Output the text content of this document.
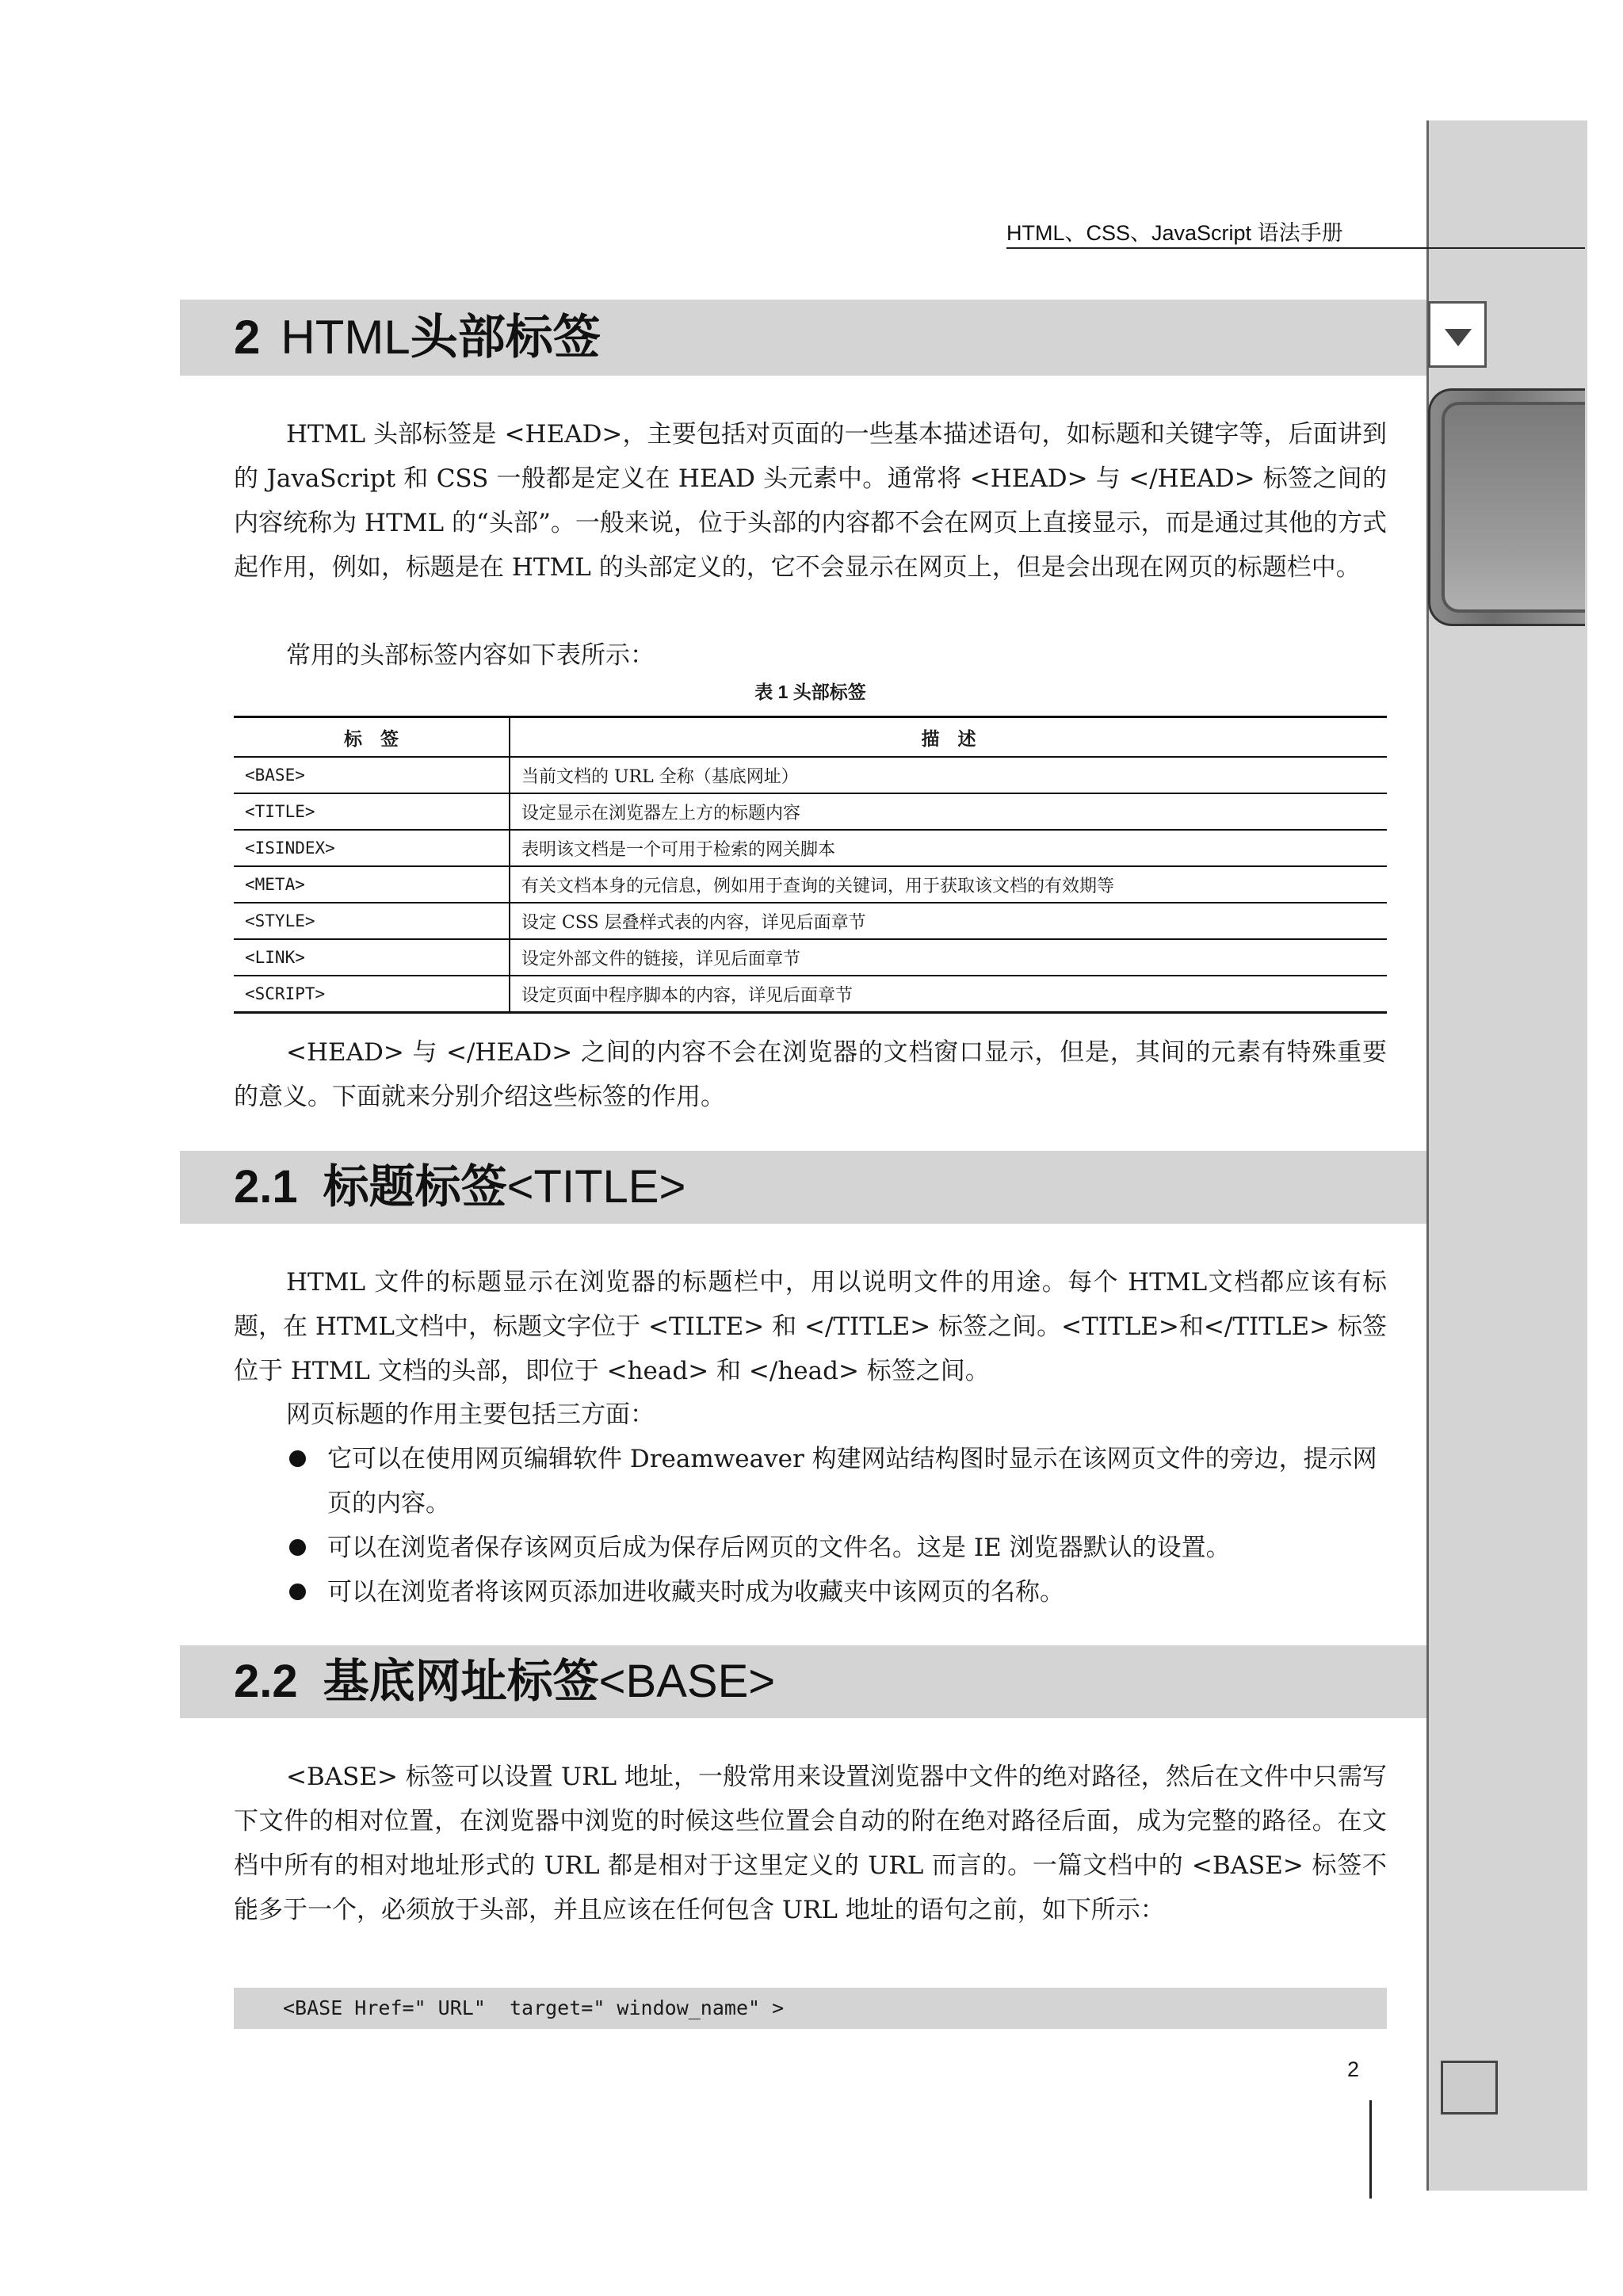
HTML、CSS、JavaScript 语法手册
2 HTML头部标签

HTML 头部标签是 <HEAD>，主要包括对页面的一些基本描述语句，如标题和关键字等，后面讲到的 JavaScript 和 CSS 一般都是定义在 HEAD 头元素中。通常将 <HEAD> 与 </HEAD> 标签之间的内容统称为 HTML 的“头部”。一般来说，位于头部的内容都不会在网页上直接显示，而是通过其他的方式起作用，例如，标题是在 HTML 的头部定义的，它不会显示在网页上，但是会出现在网页的标题栏中。

常用的头部标签内容如下表所示：

表 1 头部标签
标　签	描　述
<BASE>	当前文档的 URL 全称（基底网址）
<TITLE>	设定显示在浏览器左上方的标题内容
<ISINDEX>	表明该文档是一个可用于检索的网关脚本
<META>	有关文档本身的元信息，例如用于查询的关键词，用于获取该文档的有效期等
<STYLE>	设定 CSS 层叠样式表的内容，详见后面章节
<LINK>	设定外部文件的链接，详见后面章节
<SCRIPT>	设定页面中程序脚本的内容，详见后面章节

<HEAD> 与 </HEAD> 之间的内容不会在浏览器的文档窗口显示，但是，其间的元素有特殊重要的意义。下面就来分别介绍这些标签的作用。

2.1 标题标签<TITLE>

HTML 文件的标题显示在浏览器的标题栏中，用以说明文件的用途。每个 HTML文档都应该有标题，在 HTML文档中，标题文字位于 <TILTE> 和 </TITLE> 标签之间。<TITLE>和</TITLE> 标签位于 HTML 文档的头部，即位于 <head> 和 </head> 标签之间。

网页标题的作用主要包括三方面：

它可以在使用网页编辑软件 Dreamweaver 构建网站结构图时显示在该网页文件的旁边，提示网页的内容。

可以在浏览者保存该网页后成为保存后网页的文件名。这是 IE 浏览器默认的设置。

可以在浏览者将该网页添加进收藏夹时成为收藏夹中该网页的名称。

2.2 基底网址标签<BASE>

<BASE> 标签可以设置 URL 地址，一般常用来设置浏览器中文件的绝对路径，然后在文件中只需写下文件的相对位置，在浏览器中浏览的时候这些位置会自动的附在绝对路径后面，成为完整的路径。在文档中所有的相对地址形式的 URL 都是相对于这里定义的 URL 而言的。一篇文档中的 <BASE> 标签不能多于一个，必须放于头部，并且应该在任何包含 URL 地址的语句之前，如下所示：

<BASE Href=" URL"  target=" window_name" >
2
